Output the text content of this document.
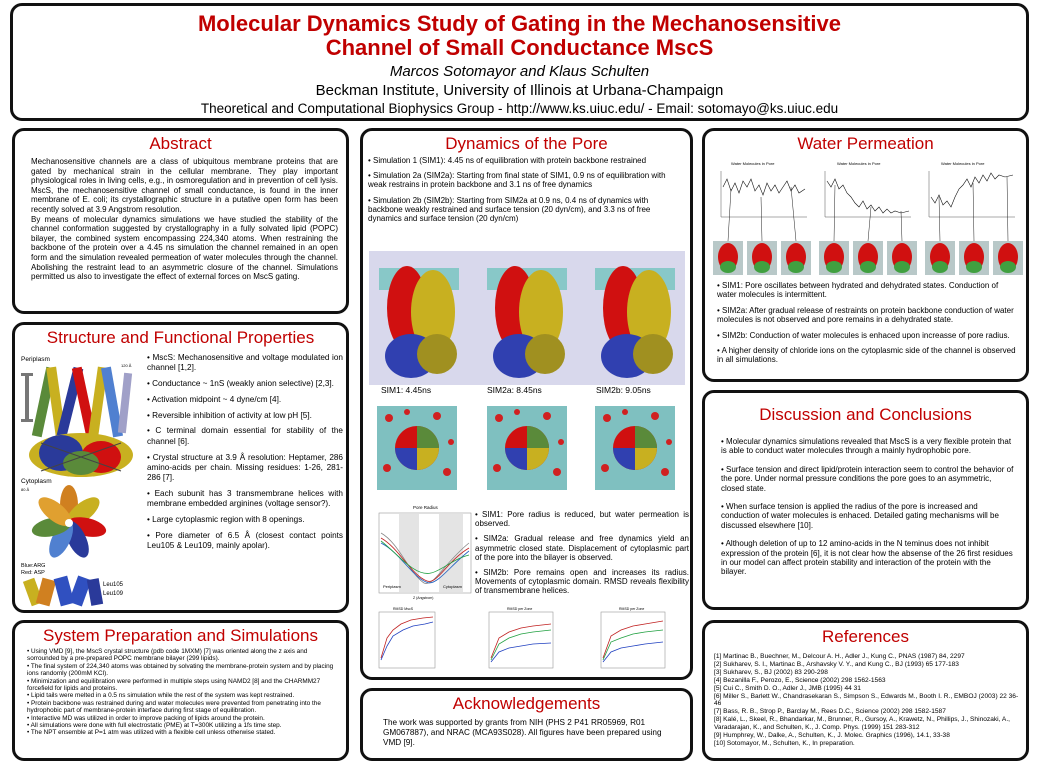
Molecular Dynamics Study of Gating in the Mechanosensitive
Channel of Small Conductance MscS
Marcos Sotomayor and Klaus Schulten
Beckman Institute, University of Illinois at Urbana-Champaign
Theoretical and Computational Biophysics Group - http://www.ks.uiuc.edu/ - Email: sotomayo@ks.uiuc.edu
Abstract
Mechanosensitive channels are a class of ubiquitous membrane proteins that are gated by mechanical strain in the cellular membrane. They play important physiological roles in living cells, e.g., in osmoregulation and in prevention of cell lysis. MscS, the mechanosensitive channel of small conductance, is found in the inner membrane of E. coli; its crystallographic structure in a putative open form has been recently solved at 3.9 Angstrom resolution.
By means of molecular dynamics simulations we have studied the stability of the channel conformation suggested by crystallography in a fully solvated lipid (POPC) bilayer, the combined system encompassing 224,340 atoms. When restraining the backbone of the protein over a 4.45 ns simulation the channel remained in an open form and the simulation revealed permeation of water molecules through the channel. Abolishing the restraint lead to an asymmetric closure of the channel. Simulations permitted us also to investigate the effect of external forces on MscS gating.
Structure and Functional Properties
Periplasm
120 Å
Cytoplasm
80 Å
Blue:ARG
Red: ASP
Leu105
Leu109
• MscS: Mechanosensitive and voltage modulated ion channel [1,2].
• Conductance ~ 1nS (weakly anion selective) [2,3].
• Activation midpoint ~ 4 dyne/cm [4].
• Reversible inhibition of activity at low pH [5].
• C terminal domain essential for stability of the channel [6].
• Crystal structure at 3.9 Å resolution: Heptamer, 286 amino-acids per chain. Missing residues: 1-26, 281-286 [7].
• Each subunit has 3 transmembrane helices with membrane embedded arginines (voltage sensor?).
• Large cytoplasmic region with 8 openings.
• Pore diameter of 6.5 Å (closest contact points Leu105 & Leu109, mainly apolar).
System Preparation and Simulations
• Using VMD [9], the MscS crystal structure (pdb code 1MXM) [7] was oriented along the z axis and sorrounded by a pre-prepared POPC membrane bilayer (299 lipids).
• The final system of 224,340 atoms was obtained by solvating the membrane-protein system and by placing ions randomly (200mM KCl).
• Minimization and equilibration were performed in multiple steps using NAMD2 [8] and the CHARMM27 forcefield for lipids and proteins.
• Lipid tails were melted in a 0.5 ns simulation while the rest of the system was kept restrained.
• Protein backbone was restrained during and water molecules were prevented from penetrating into the hydrophobic part of membrane-protein interface during first stage of equilibration.
• Interactive MD was utilized in order to improve packing of lipids around the protein.
• All simulations were done with full electrostatic (PME) at T=300K utilizing a 1fs time step.
• The NPT ensemble at P=1 atm was utilized with a flexible cell unless otherwise stated.
Dynamics of the Pore

• Simulation 1 (SIM1): 4.45 ns of equilibration with protein backbone restrained

• Simulation 2a (SIM2a): Starting from final state of SIM1, 0.9 ns of equilibration with weak restrains in protein backbone and 3.1 ns of free dynamics

• Simulation 2b (SIM2b): Starting from SIM2a at 0.9 ns, 0.4 ns of dynamics with backbone weakly restrained and surface tension (20 dyn/cm), and 3.3 ns of free dynamics and surface tension (20 dyn/cm)

SIM1: 4.45ns	SIM2a: 8.45ns	SIM2b: 9.05ns
Pore Radius
Periplasm	Cytoplasm
Z (Angstrom)
RMSD MscS	RMSD per Zone	RMSD per Zone

• SIM1: Pore radius is reduced, but water permeation is observed.

• SIM2a: Gradual release and free dynamics yield an asymmetric closed state. Displacement of cytoplasmic part of the pore into the bilayer is observed.

• SIM2b: Pore remains open and increases its radius. Movements of cytoplasmic domain. RMSD reveals flexibility of transmembrane helices.

Acknowledgements
The work was supported by grants from NIH (PHS 2 P41 RR05969, R01 GM067887), and NRAC (MCA93S028). All figures have been prepared using VMD [9].
Water Permeation
Water Molecules in Pore	Water Molecules in Pore	Water Molecules in Pore

• SIM1: Pore oscillates between hydrated and dehydrated states. Conduction of water molecules is intermittent.

• SIM2a: After gradual release of restraints on protein backbone conduction of water molecules is not observed and pore remains in a dehydrated state.

• SIM2b: Conduction of water molecules is enhaced upon increasse of pore radius.

• A higher density of chloride ions on the cytoplasmic side of the channel is observed in all simulations.

Discussion and Conclusions

• Molecular dynamics simulations revealed that MscS is a very flexible protein that is able to conduct water molecules through a mainly hydrophobic pore.

• Surface tension and direct lipid/protein interaction seem to control the behavior of the pore. Under normal pressure conditions the pore goes to an asymmetric, closed state.

• When surface tension is applied the radius of the pore is increased and conduction of water molecules is enhaced. Detailed gating mechanisms will be discussed elsewhere [10].

• Although deletion of up to 12 amino-acids in the N teminus does not inhibit expression of the protein [6], it is not clear how the absense of the 26 first residues in our model can affect protein stability and interaction of the protein with the bilayer.

References

[1] Martinac B., Buechner, M., Delcour A. H., Adler J., Kung C., PNAS (1987) 84, 2297

[2] Sukharev, S. I., Martinac B., Arshavsky V. Y., and Kung C., BJ (1993) 65 177-183

[3] Sukharev, S., BJ (2002) 83 290-298

[4] Bezanilla F., Perozo, E., Science (2002) 298 1562-1563

[5] Cui C., Smith D. O., Adler J., JMB (1995) 44 31

[6] Miller S., Barlett W., Chandrasekaran S., Simpson S., Edwards M., Booth I. R., EMBOJ (2003) 22 36-46

[7] Bass, R. B., Strop P., Barclay M., Rees D.C., Science (2002) 298 1582-1587

[8] Kalé, L., Skeel, R., Bhandarkar, M., Brunner, R., Gursoy, A., Krawetz, N., Phillips, J., Shinozaki, A., Varadarajan, K., and Schulten, K., J. Comp. Phys. (1999) 151 283-312

[9] Humphrey, W., Dalke, A., Schulten, K., J. Molec. Graphics (1996), 14.1, 33-38

[10] Sotomayor, M., Schulten, K., In preparation.
